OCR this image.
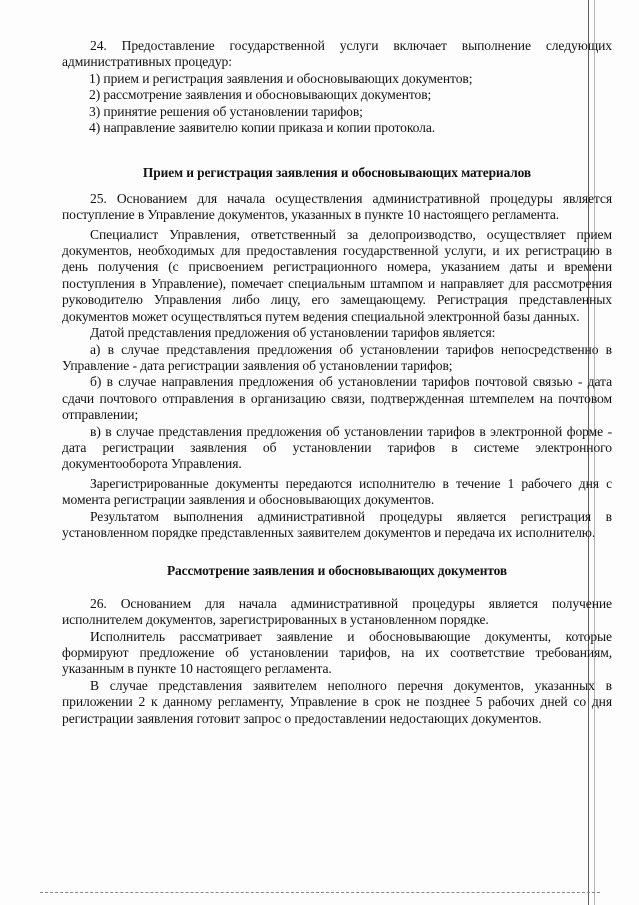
24. Предоставление государственной услуги включает выполнение следующих административных процедур:

1) прием и регистрация заявления и обосновывающих документов;

2) рассмотрение заявления и обосновывающих документов;

3) принятие решения об установлении тарифов;

4) направление заявителю копии приказа и копии протокола.

Прием и регистрация заявления и обосновывающих материалов

25. Основанием для начала осуществления административной процедуры является поступление в Управление документов, указанных в пункте 10 настоящего регламента.

Специалист Управления, ответственный за делопроизводство, осуществляет прием документов, необходимых для предоставления государственной услуги, и их регистрацию в день получения (с присвоением регистрационного номера, указанием даты и времени поступления в Управление), помечает специальным штампом и направляет для рассмотрения руководителю Управления либо лицу, его замещающему. Регистрация представленных документов может осуществляться путем ведения специальной электронной базы данных.

Датой представления предложения об установлении тарифов является:

а) в случае представления предложения об установлении тарифов непосредственно в Управление - дата регистрации заявления об установлении тарифов;

б) в случае направления предложения об установлении тарифов почтовой связью - дата сдачи почтового отправления в организацию связи, подтвержденная штемпелем на почтовом отправлении;

в) в случае представления предложения об установлении тарифов в электронной форме - дата регистрации заявления об установлении тарифов в системе электронного документооборота Управления.

Зарегистрированные документы передаются исполнителю в течение 1 рабочего дня с момента регистрации заявления и обосновывающих документов.

Результатом выполнения административной процедуры является регистрация в установленном порядке представленных заявителем документов и передача их исполнителю.

Рассмотрение заявления и обосновывающих документов

26. Основанием для начала административной процедуры является получение исполнителем документов, зарегистрированных в установленном порядке.

Исполнитель рассматривает заявление и обосновывающие документы, которые формируют предложение об установлении тарифов, на их соответствие требованиям, указанным в пункте 10 настоящего регламента.

В случае представления заявителем неполного перечня документов, указанных в приложении 2 к данному регламенту, Управление в срок не позднее 5 рабочих дней со дня регистрации заявления готовит запрос о предоставлении недостающих документов.
